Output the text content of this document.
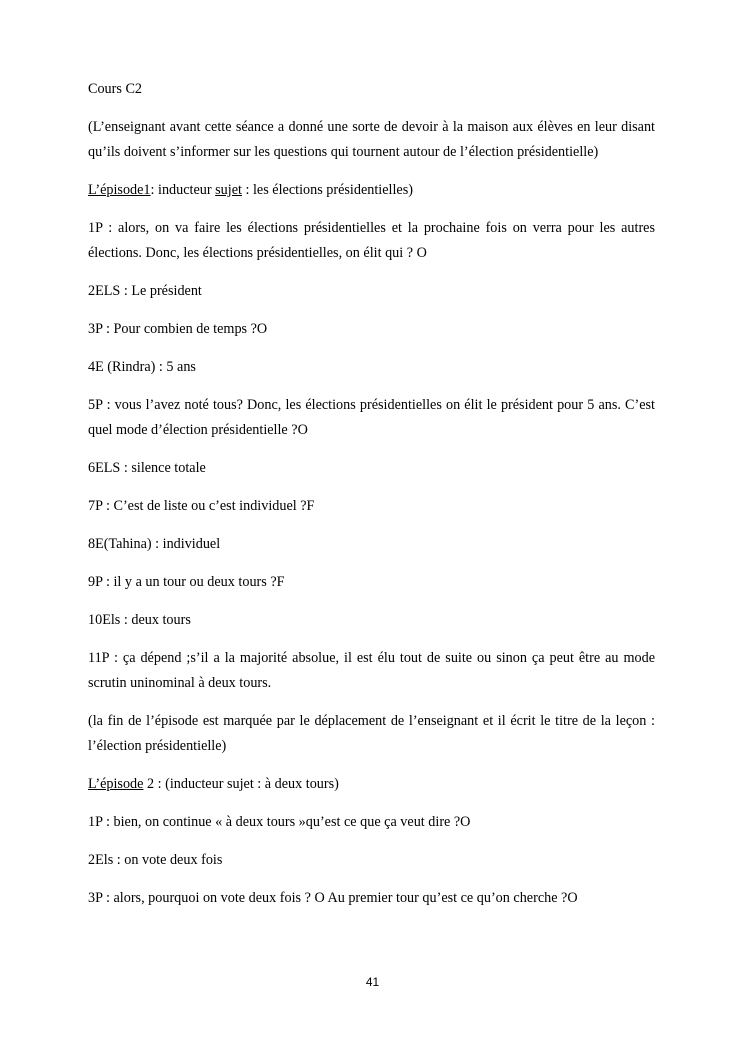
Cours C2

(L’enseignant avant cette séance a donné une sorte de devoir à la maison aux élèves en leur disant qu’ils doivent s’informer sur les questions qui tournent autour de l’élection présidentielle)

L’épisode1: inducteur sujet : les élections présidentielles)

1P : alors, on va faire les élections présidentielles et la prochaine fois on verra pour les autres élections. Donc, les élections présidentielles, on élit qui ? O

2ELS : Le président

3P : Pour combien de temps ?O

4E (Rindra) : 5 ans

5P : vous l’avez noté tous? Donc, les élections présidentielles on élit le président pour 5 ans. C’est quel mode d’élection présidentielle ?O

6ELS : silence totale

7P : C’est de liste ou c’est individuel ?F

8E(Tahina) : individuel

9P : il y a un tour ou deux tours ?F

10Els : deux tours

11P : ça dépend ;s’il a la majorité absolue, il est élu tout de suite ou sinon ça peut être au mode scrutin uninominal à deux tours.

(la fin de l’épisode est marquée par le déplacement de l’enseignant et il écrit le titre de la leçon : l’élection présidentielle)

L’épisode 2 : (inducteur sujet : à deux tours)

1P : bien, on continue « à deux tours »qu’est ce que ça veut dire ?O

2Els : on vote deux fois

3P : alors, pourquoi on vote deux fois ? O Au premier tour qu’est ce qu’on cherche ?O

41
